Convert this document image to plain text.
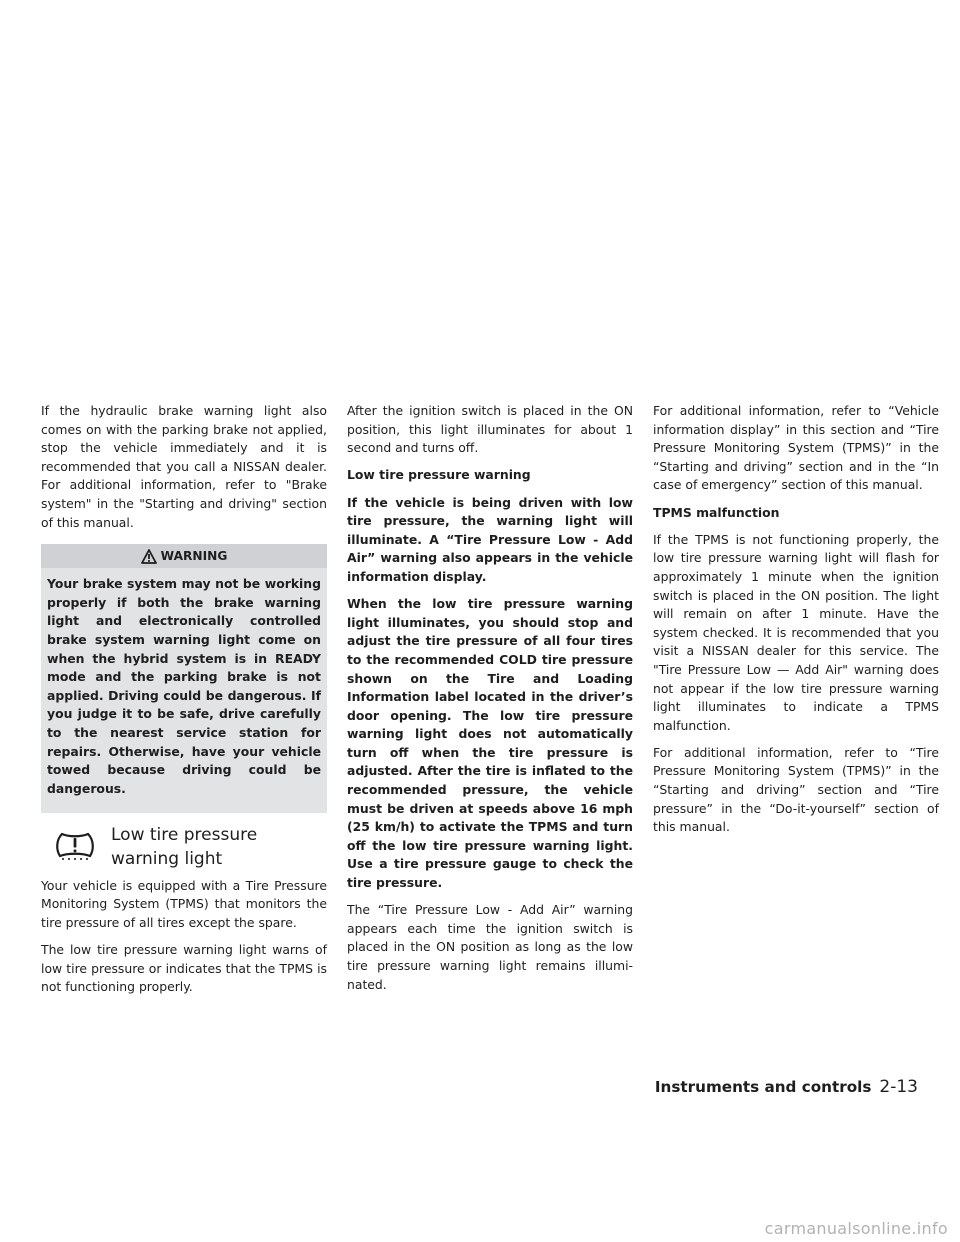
If the hydraulic brake warning light also comes on with the parking brake not applied, stop the vehicle immediately and it is recommended that you call a NISSAN dealer. For additional information, refer to "Brake system" in the "Starting and driving" section of this manual.

WARNING

Your brake system may not be working properly if both the brake warning light and electronically controlled brake system warning light come on when the hybrid system is in READY mode and the parking brake is not applied. Driving could be dangerous. If you judge it to be safe, drive carefully to the nearest service station for repairs. Otherwise, have your vehicle towed because driving could be dangerous.

Low tire pressure warning light

Your vehicle is equipped with a Tire Pressure Monitoring System (TPMS) that monitors the tire pressure of all tires except the spare.

The low tire pressure warning light warns of low tire pressure or indicates that the TPMS is not functioning properly.

After the ignition switch is placed in the ON position, this light illuminates for about 1 second and turns off.

Low tire pressure warning

If the vehicle is being driven with low tire pressure, the warning light will illuminate. A “Tire Pressure Low - Add Air” warning also appears in the vehicle information display.

When the low tire pressure warning light illuminates, you should stop and adjust the tire pressure of all four tires to the recommended COLD tire pressure shown on the Tire and Loading Information label located in the driver’s door opening. The low tire pressure warning light does not automatically turn off when the tire pressure is adjusted. After the tire is inflated to the recommended pressure, the vehicle must be driven at speeds above 16 mph (25 km/h) to activate the TPMS and turn off the low tire pressure warning light. Use a tire pressure gauge to check the tire pressure.

The “Tire Pressure Low - Add Air” warning appears each time the ignition switch is placed in the ON position as long as the low tire pressure warning light remains illuminated.

For additional information, refer to “Vehicle information display” in this section and “Tire Pressure Monitoring System (TPMS)” in the “Starting and driving” section and in the “In case of emergency” section of this manual.

TPMS malfunction

If the TPMS is not functioning properly, the low tire pressure warning light will flash for approximately 1 minute when the ignition switch is placed in the ON position. The light will remain on after 1 minute. Have the system checked. It is recommended that you visit a NISSAN dealer for this service. The "Tire Pressure Low — Add Air" warning does not appear if the low tire pressure warning light illuminates to indicate a TPMS malfunction.

For additional information, refer to “Tire Pressure Monitoring System (TPMS)” in the “Starting and driving” section and “Tire pressure” in the “Do-it-yourself” section of this manual.

Instruments and controls 2-13
carmanualsonline.info
